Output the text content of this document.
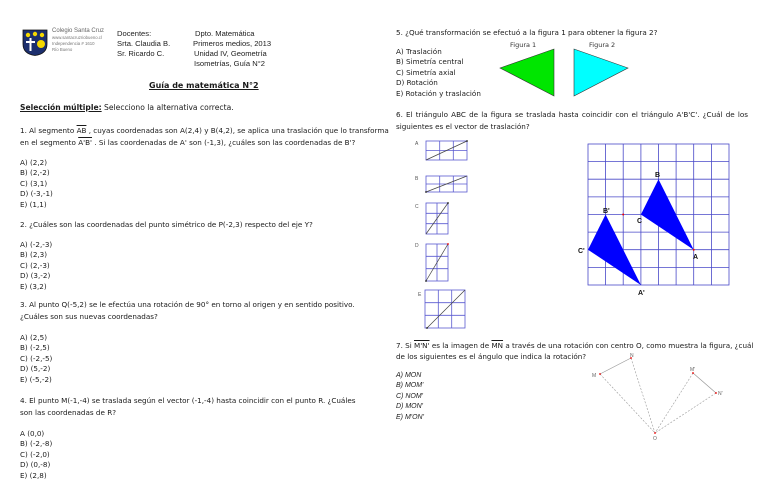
Colegio Santa Cruz
www.santacruzriobueno.cl
Independencia # 1610
Río Bueno
Docentes:
Srta. Claudia B.
Sr. Ricardo C.
Dpto. Matemática
Primeros medios, 2013
Unidad IV, Geometría
Isometrías, Guía N°2
Guía de matemática N°2
Selección múltiple: Selecciono la alternativa correcta.
1. Al segmento $\overline{AB}$ , cuyas coordenadas son A(2,4) y B(4,2), se aplica una traslación que lo transforma
en el segmento A'B' . Si las coordenadas de A' son (-1,3), ¿cuáles son las coordenadas de B'?
A) (2,2)
B) (2,-2)
C) (3,1)
D) (-3,-1)
E) (1,1)
2. ¿Cuáles son las coordenadas del punto simétrico de P(-2,3) respecto del eje Y?
A) (-2,-3)
B) (2,3)
C) (2,-3)
D) (3,-2)
E) (3,2)
3. Al punto Q(-5,2) se le efectúa una rotación de 90° en torno al origen y en sentido positivo. ¿Cuáles son sus nuevas coordenadas?
A) (2,5)
B) (-2,5)
C) (-2,-5)
D) (5,-2)
E) (-5,-2)
4. El punto M(-1,-4) se traslada según el vector (-1,-4) hasta coincidir con el punto R. ¿Cuáles son las coordenadas de R?
A (0,0)
B) (-2,-8)
C) (-2,0)
D) (0,-8)
E) (2,8)
5. ¿Qué transformación se efectuó a la figura 1 para obtener la figura 2?
A) Traslación
B) Simetría central
C) Simetría axial
D) Rotación
E) Rotación y traslación
Figura 1	Figura 2
6. El triángulo ABC de la figura se traslada hasta coincidir con el triángulo A'B'C'. ¿Cuál de los siguientes es el vector de traslación?
A
B
C
D
E
B
C
A
B'
C'
A'
7. Si M'N' es la imagen de $\overline{MN}$ a través de una rotación con centro O, como muestra la figura, ¿cuál
de los siguientes es el ángulo que indica la rotación?
A) MON
B) MOM'
C) NOM'
D) MON'
E) M'ON'
M
N
M'
N'
O
